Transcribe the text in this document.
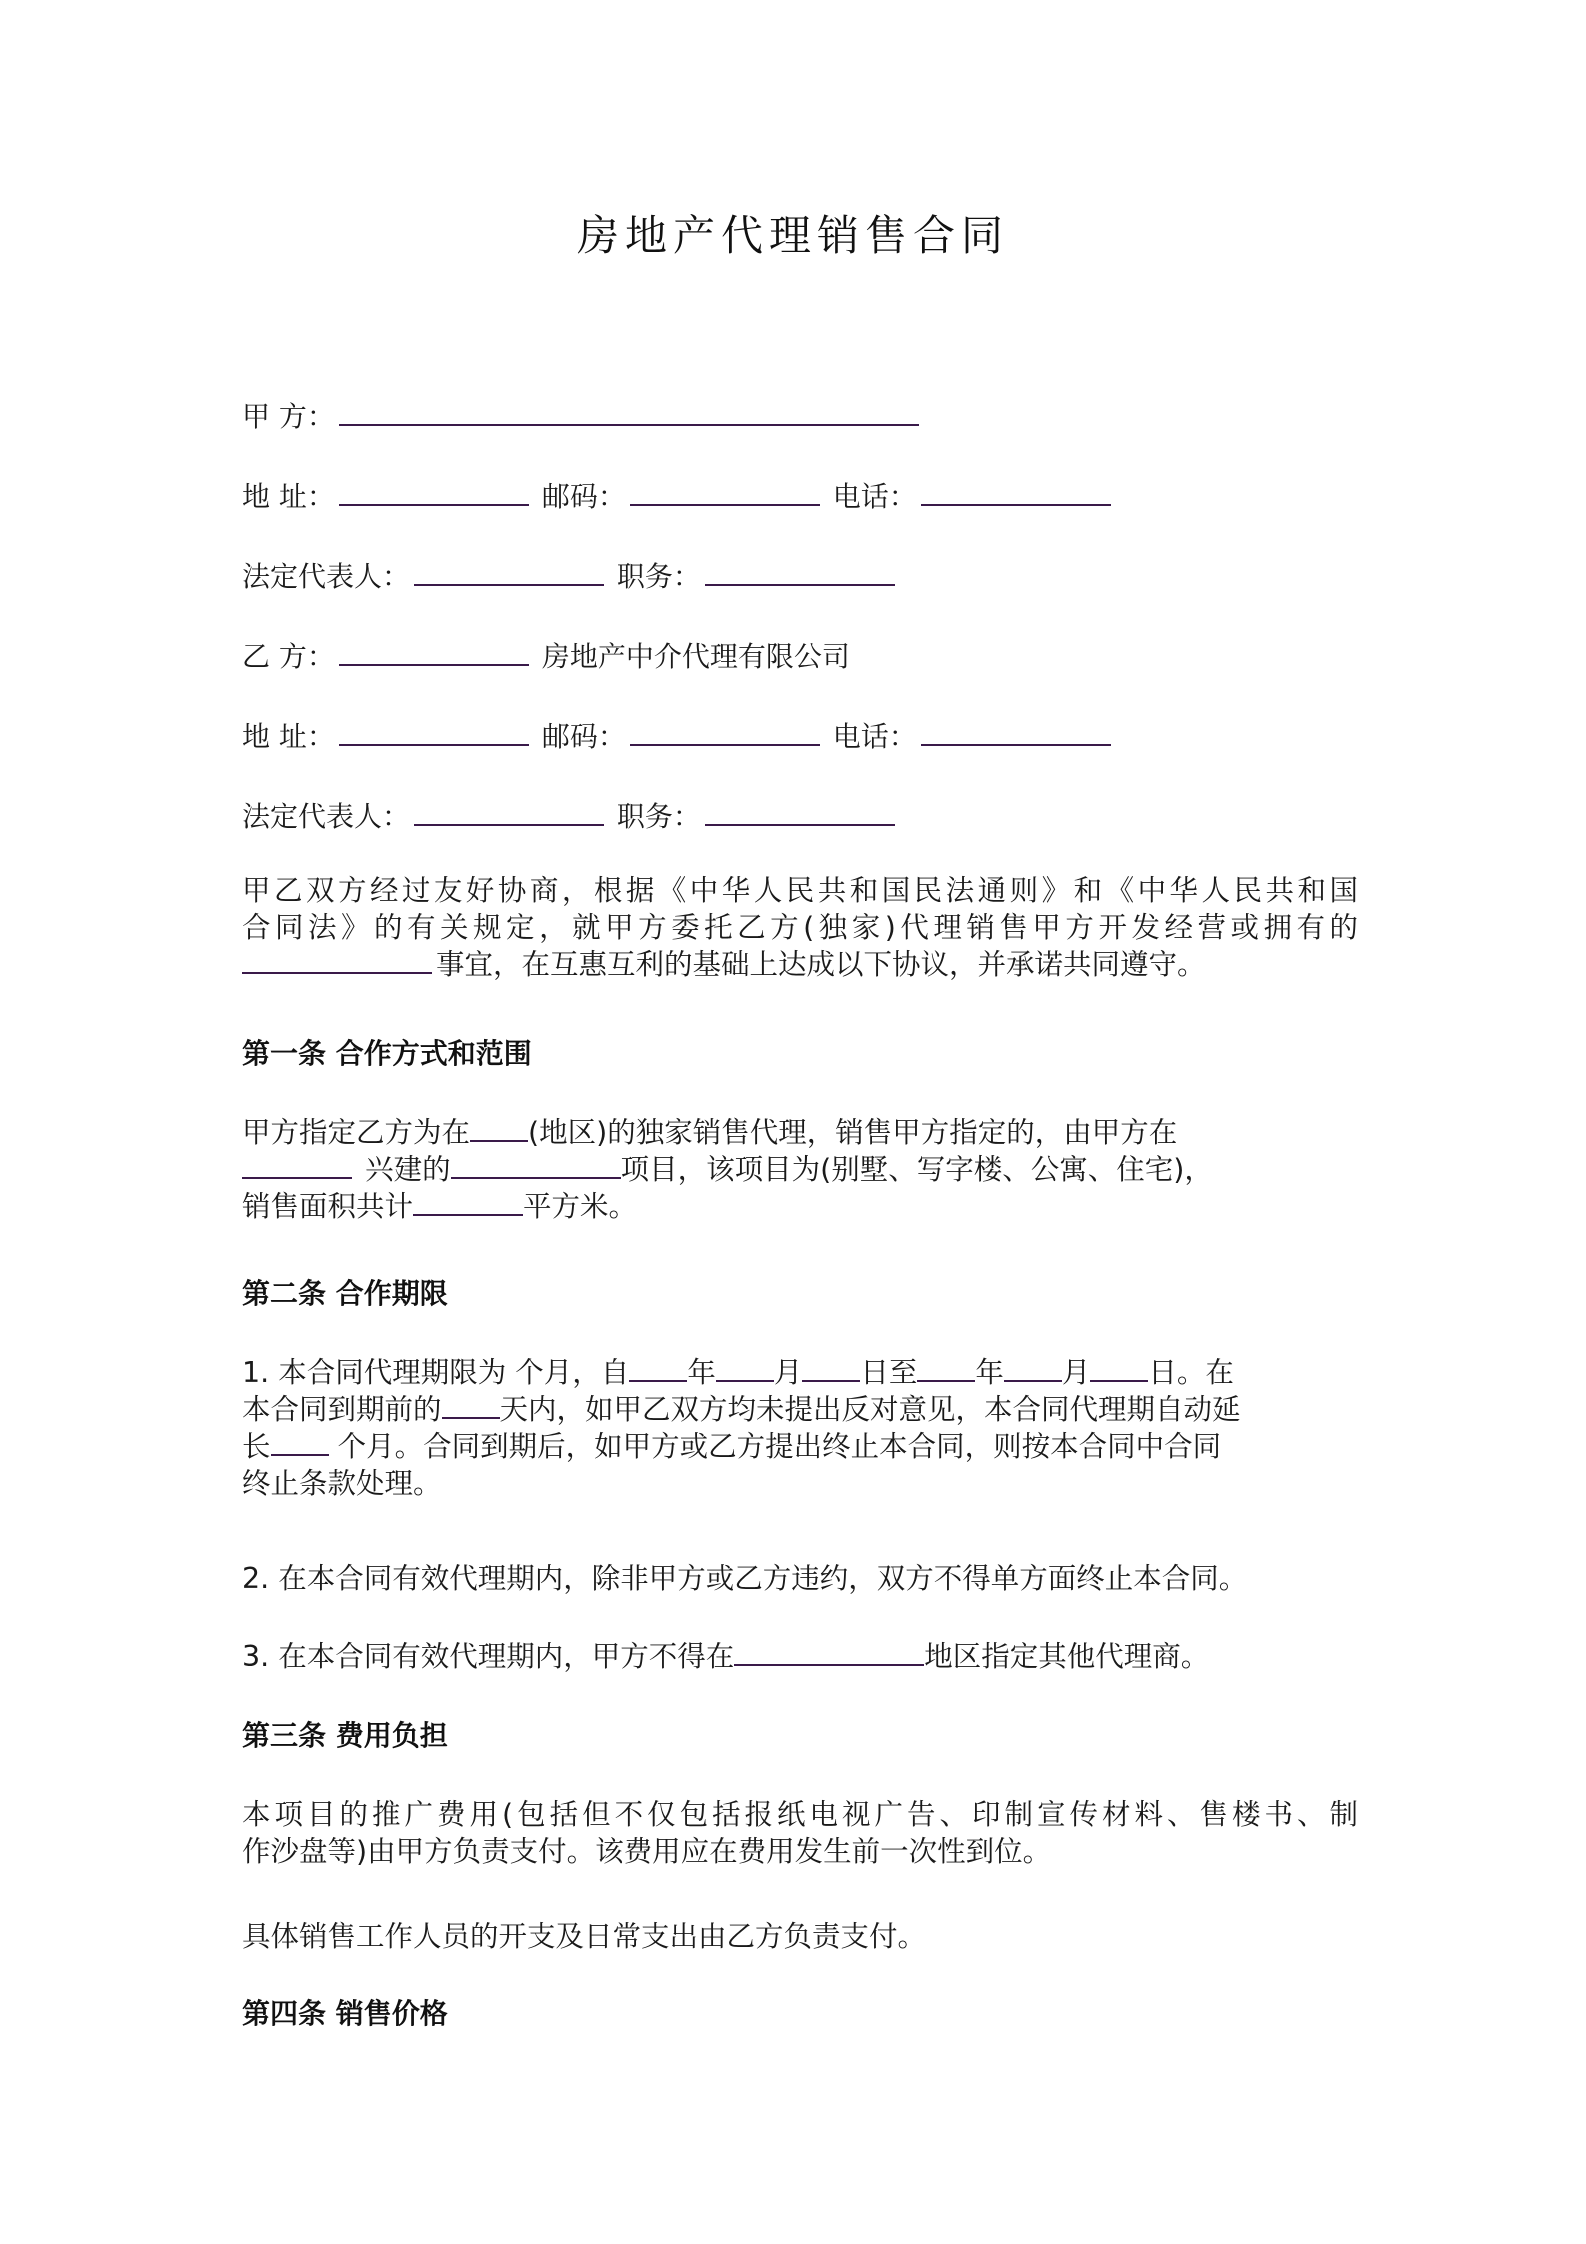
房地产代理销售合同
甲 方：
地 址：	邮码：	电话：
法定代表人：	职务：
乙 方：	房地产中介代理有限公司
地 址：	邮码：	电话：
法定代表人：	职务：
甲乙双方经过友好协商，根据《中华人民共和国民法通则》和《中华人民共和国
合同法》的有关规定，就甲方委托乙方(独家)代理销售甲方开发经营或拥有的
事宜，在互惠互利的基础上达成以下协议，并承诺共同遵守。
第一条 合作方式和范围
甲方指定乙方为在 (地区)的独家销售代理，销售甲方指定的，由甲方在
兴建的	项目，该项目为(别墅、写字楼、公寓、住宅)，
销售面积共计	平方米。
第二条 合作期限
1. 本合同代理期限为 个月，自 年 月 日至 年 月 日。在
本合同到期前的 天内，如甲乙双方均未提出反对意见，本合同代理期自动延
长 个月。合同到期后，如甲方或乙方提出终止本合同，则按本合同中合同
终止条款处理。
2. 在本合同有效代理期内，除非甲方或乙方违约，双方不得单方面终止本合同。
3. 在本合同有效代理期内，甲方不得在	地区指定其他代理商。
第三条 费用负担
本项目的推广费用(包括但不仅包括报纸电视广告、印制宣传材料、售楼书、制
作沙盘等)由甲方负责支付。该费用应在费用发生前一次性到位。
具体销售工作人员的开支及日常支出由乙方负责支付。
第四条 销售价格
